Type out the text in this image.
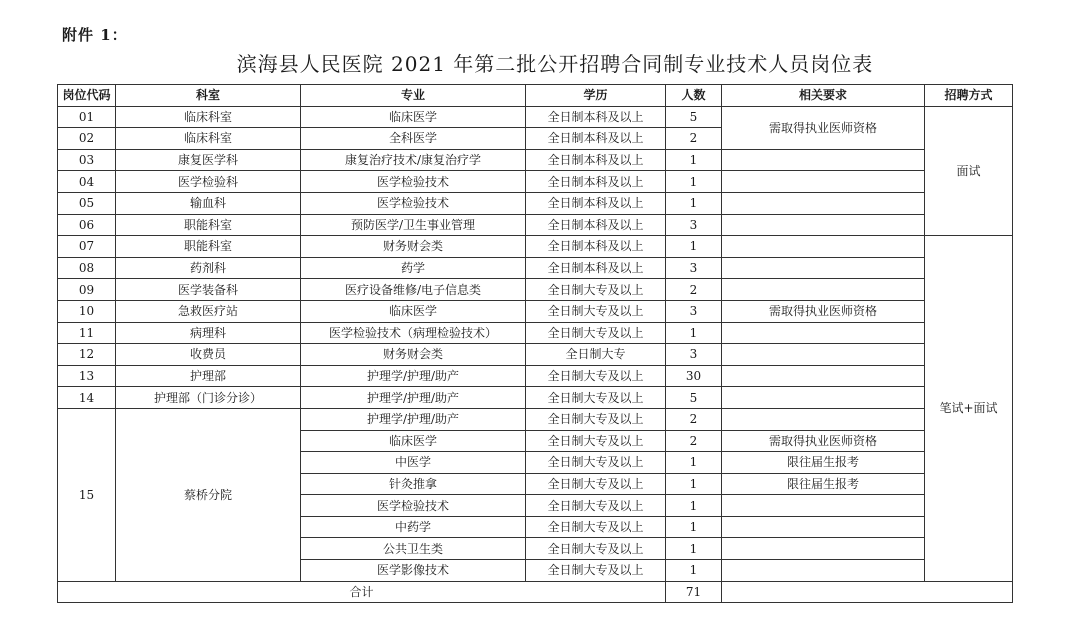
附件 1：
滨海县人民医院 2021 年第二批公开招聘合同制专业技术人员岗位表
岗位代码	科室	专业	学历	人数	相关要求	招聘方式
01	临床科室	临床医学	全日制本科及以上	5	需取得执业医师资格	面试
02	临床科室	全科医学	全日制本科及以上	2		
03	康复医学科	康复治疗技术/康复治疗学	全日制本科及以上	1		
04	医学检验科	医学检验技术	全日制本科及以上	1		
05	输血科	医学检验技术	全日制本科及以上	1		
06	职能科室	预防医学/卫生事业管理	全日制本科及以上	3		
07	职能科室	财务财会类	全日制本科及以上	1		笔试+面试
08	药剂科	药学	全日制本科及以上	3		
09	医学装备科	医疗设备维修/电子信息类	全日制大专及以上	2		
10	急救医疗站	临床医学	全日制大专及以上	3	需取得执业医师资格	
11	病理科	医学检验技术（病理检验技术）	全日制大专及以上	1		
12	收费员	财务财会类	全日制大专	3		
13	护理部	护理学/护理/助产	全日制大专及以上	30		
14	护理部（门诊分诊）	护理学/护理/助产	全日制大专及以上	5		
15	蔡桥分院	护理学/护理/助产	全日制大专及以上	2		
		临床医学	全日制大专及以上	2	需取得执业医师资格	
		中医学	全日制大专及以上	1	限往届生报考	
		针灸推拿	全日制大专及以上	1	限往届生报考	
		医学检验技术	全日制大专及以上	1		
		中药学	全日制大专及以上	1		
		公共卫生类	全日制大专及以上	1		
		医学影像技术	全日制大专及以上	1		
合计				71		
